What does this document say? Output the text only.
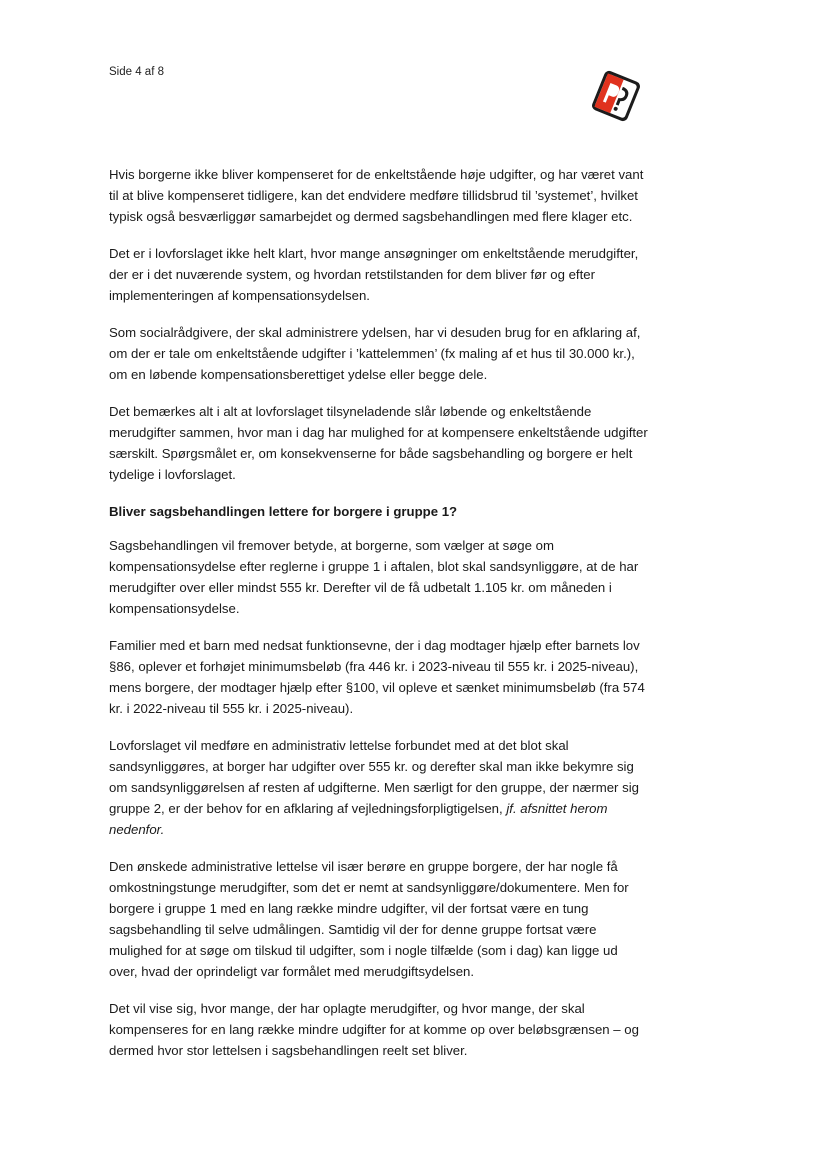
Side 4 af 8

Hvis borgerne ikke bliver kompenseret for de enkeltstående høje udgifter, og har været vant til at blive kompenseret tidligere, kan det endvidere medføre tillidsbrud til ’systemet’, hvilket typisk også besværliggør samarbejdet og dermed sagsbehandlingen med flere klager etc.

Det er i lovforslaget ikke helt klart, hvor mange ansøgninger om enkeltstående merudgifter, der er i det nuværende system, og hvordan retstilstanden for dem bliver før og efter implementeringen af kompensationsydelsen.

Som socialrådgivere, der skal administrere ydelsen, har vi desuden brug for en afklaring af, om der er tale om enkeltstående udgifter i ’kattelemmen’ (fx maling af et hus til 30.000 kr.), om en løbende kompensationsberettiget ydelse eller begge dele.

Det bemærkes alt i alt at lovforslaget tilsyneladende slår løbende og enkeltstående merudgifter sammen, hvor man i dag har mulighed for at kompensere enkeltstående udgifter særskilt. Spørgsmålet er, om konsekvenserne for både sagsbehandling og borgere er helt tydelige i lovforslaget.

Bliver sagsbehandlingen lettere for borgere i gruppe 1?

Sagsbehandlingen vil fremover betyde, at borgerne, som vælger at søge om kompensationsydelse efter reglerne i gruppe 1 i aftalen, blot skal sandsynliggøre, at de har merudgifter over eller mindst 555 kr. Derefter vil de få udbetalt 1.105 kr. om måneden i kompensationsydelse.

Familier med et barn med nedsat funktionsevne, der i dag modtager hjælp efter barnets lov §86, oplever et forhøjet minimumsbeløb (fra 446 kr. i 2023-niveau til 555 kr. i 2025-niveau), mens borgere, der modtager hjælp efter §100, vil opleve et sænket minimumsbeløb (fra 574 kr. i 2022-niveau til 555 kr. i 2025-niveau).

Lovforslaget vil medføre en administrativ lettelse forbundet med at det blot skal sandsynliggøres, at borger har udgifter over 555 kr. og derefter skal man ikke bekymre sig om sandsynliggørelsen af resten af udgifterne. Men særligt for den gruppe, der nærmer sig gruppe 2, er der behov for en afklaring af vejledningsforpligtigelsen, jf. afsnittet herom nedenfor.

Den ønskede administrative lettelse vil især berøre en gruppe borgere, der har nogle få omkostningstunge merudgifter, som det er nemt at sandsynliggøre/dokumentere. Men for borgere i gruppe 1 med en lang række mindre udgifter, vil der fortsat være en tung sagsbehandling til selve udmålingen. Samtidig vil der for denne gruppe fortsat være mulighed for at søge om tilskud til udgifter, som i nogle tilfælde (som i dag) kan ligge ud over, hvad der oprindeligt var formålet med merudgiftsydelsen.

Det vil vise sig, hvor mange, der har oplagte merudgifter, og hvor mange, der skal kompenseres for en lang række mindre udgifter for at komme op over beløbsgrænsen – og dermed hvor stor lettelsen i sagsbehandlingen reelt set bliver.
